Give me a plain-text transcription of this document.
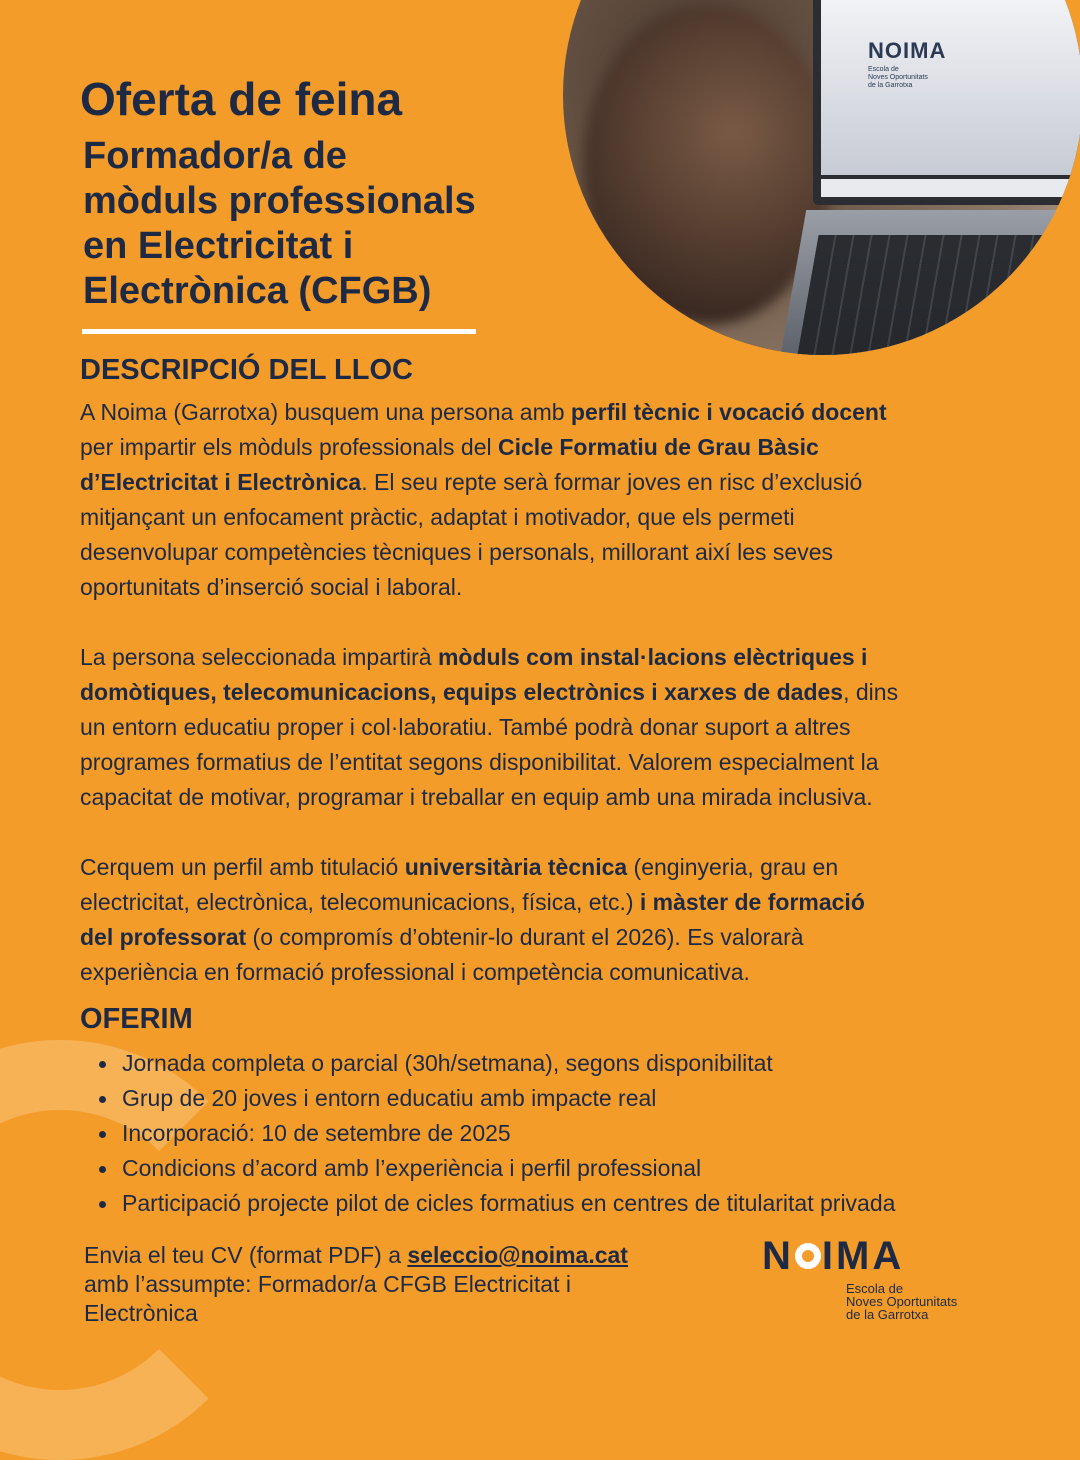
NOIMA
Escola de
Noves Oportunitats
de la Garrotxa
Oferta de feina
Formador/a de
mòduls professionals
en Electricitat i
Electrònica (CFGB)
DESCRIPCIÓ DEL LLOC
A Noima (Garrotxa) busquem una persona amb perfil tècnic i vocació docent
per impartir els mòduls professionals del Cicle Formatiu de Grau Bàsic
d’Electricitat i Electrònica. El seu repte serà formar joves en risc d’exclusió
mitjançant un enfocament pràctic, adaptat i motivador, que els permeti
desenvolupar competències tècniques i personals, millorant així les seves
oportunitats d’inserció social i laboral.
La persona seleccionada impartirà mòduls com instal·lacions elèctriques i
domòtiques, telecomunicacions, equips electrònics i xarxes de dades, dins
un entorn educatiu proper i col·laboratiu. També podrà donar suport a altres
programes formatius de l’entitat segons disponibilitat. Valorem especialment la
capacitat de motivar, programar i treballar en equip amb una mirada inclusiva.
Cerquem un perfil amb titulació universitària tècnica (enginyeria, grau en
electricitat, electrònica, telecomunicacions, física, etc.) i màster de formació
del professorat (o compromís d’obtenir-lo durant el 2026). Es valorarà
experiència en formació professional i competència comunicativa.
OFERIM
Jornada completa o parcial (30h/setmana), segons disponibilitat
Grup de 20 joves i entorn educatiu amb impacte real
Incorporació: 10 de setembre de 2025
Condicions d’acord amb l’experiència i perfil professional
Participació projecte pilot de cicles formatius en centres de titularitat privada
Envia el teu CV (format PDF) a seleccio@noima.cat
amb l’assumpte: Formador/a CFGB Electricitat i
Electrònica
N IMA
Escola de
Noves Oportunitats
de la Garrotxa
